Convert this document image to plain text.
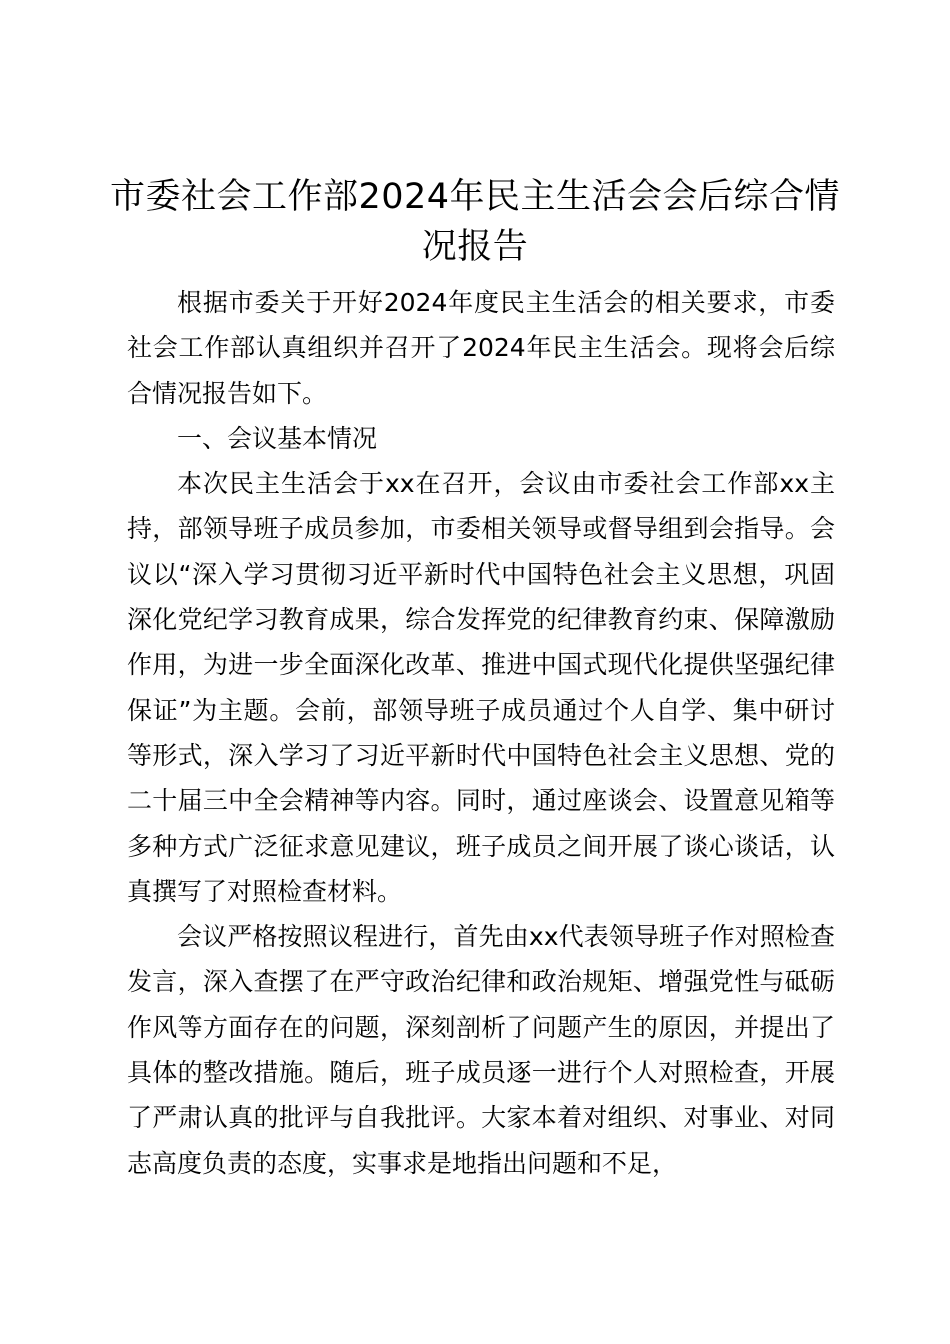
市委社会工作部2024年民主生活会会后综合情况报告

根据市委关于开好2024年度民主生活会的相关要求，市委社会工作部认真组织并召开了2024年民主生活会。现将会后综合情况报告如下。

一、会议基本情况

本次民主生活会于xx在召开，会议由市委社会工作部xx主持，部领导班子成员参加，市委相关领导或督导组到会指导。会议以“深入学习贯彻习近平新时代中国特色社会主义思想，巩固深化党纪学习教育成果，综合发挥党的纪律教育约束、保障激励作用，为进一步全面深化改革、推进中国式现代化提供坚强纪律保证”为主题。会前，部领导班子成员通过个人自学、集中研讨等形式，深入学习了习近平新时代中国特色社会主义思想、党的二十届三中全会精神等内容。同时，通过座谈会、设置意见箱等多种方式广泛征求意见建议，班子成员之间开展了谈心谈话，认真撰写了对照检查材料。

会议严格按照议程进行，首先由xx代表领导班子作对照检查发言，深入查摆了在严守政治纪律和政治规矩、增强党性与砥砺作风等方面存在的问题，深刻剖析了问题产生的原因，并提出了具体的整改措施。随后，班子成员逐一进行个人对照检查，开展了严肃认真的批评与自我批评。大家本着对组织、对事业、对同志高度负责的态度，实事求是地指出问题和不足，
